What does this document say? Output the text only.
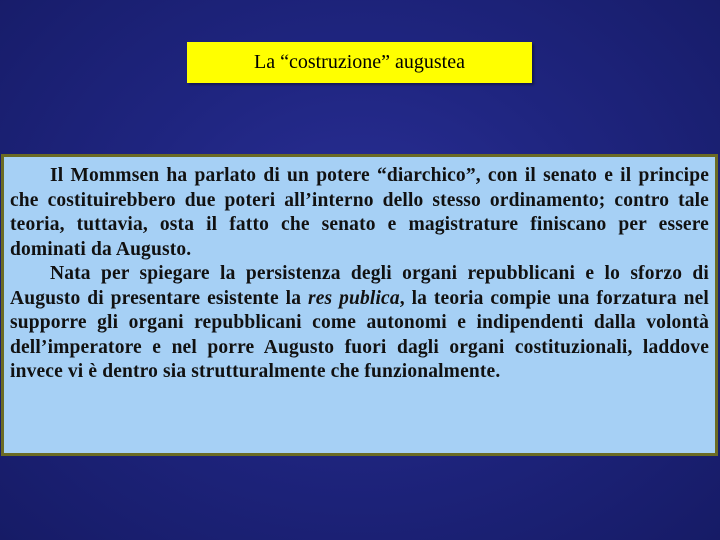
La “costruzione” augustea

Il Mommsen ha parlato di un potere “diarchico”, con il senato e il principe che costituirebbero due poteri all’interno dello stesso ordinamento; contro tale teoria, tuttavia, osta il fatto che senato e magistrature finiscano per essere dominati da Augusto.

Nata per spiegare la persistenza degli organi repubblicani e lo sforzo di Augusto di presentare esistente la res publica, la teoria compie una forzatura nel supporre gli organi repubblicani come autonomi e indipendenti dalla volontà dell’imperatore e nel porre Augusto fuori dagli organi costituzionali, laddove invece vi è dentro sia strutturalmente che funzionalmente.
